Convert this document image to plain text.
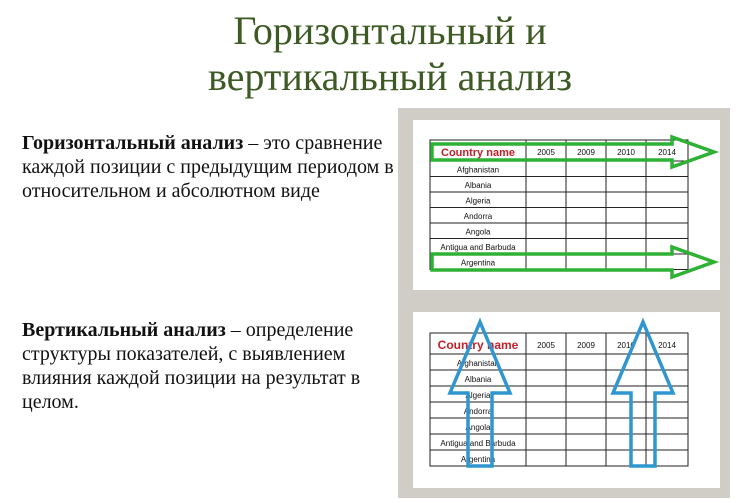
Горизонтальный и
вертикальный анализ

Горизонтальный анализ – это сравнение каждой позиции с предыдущим периодом в относительном и абсолютном виде

Вертикальный анализ – определение структуры показателей, с выявлением влияния каждой позиции на результат в целом.

Country name	2005	2009	2010	2014
Afghanistan
Albania
Algeria
Andorra
Angola
Antigua and Barbuda
Argentina
Country name 2005	2009	2010	2014
Afghanistan
Albania
Algeria
Andorra
Angola
Antigua and Barbuda
Argentina
